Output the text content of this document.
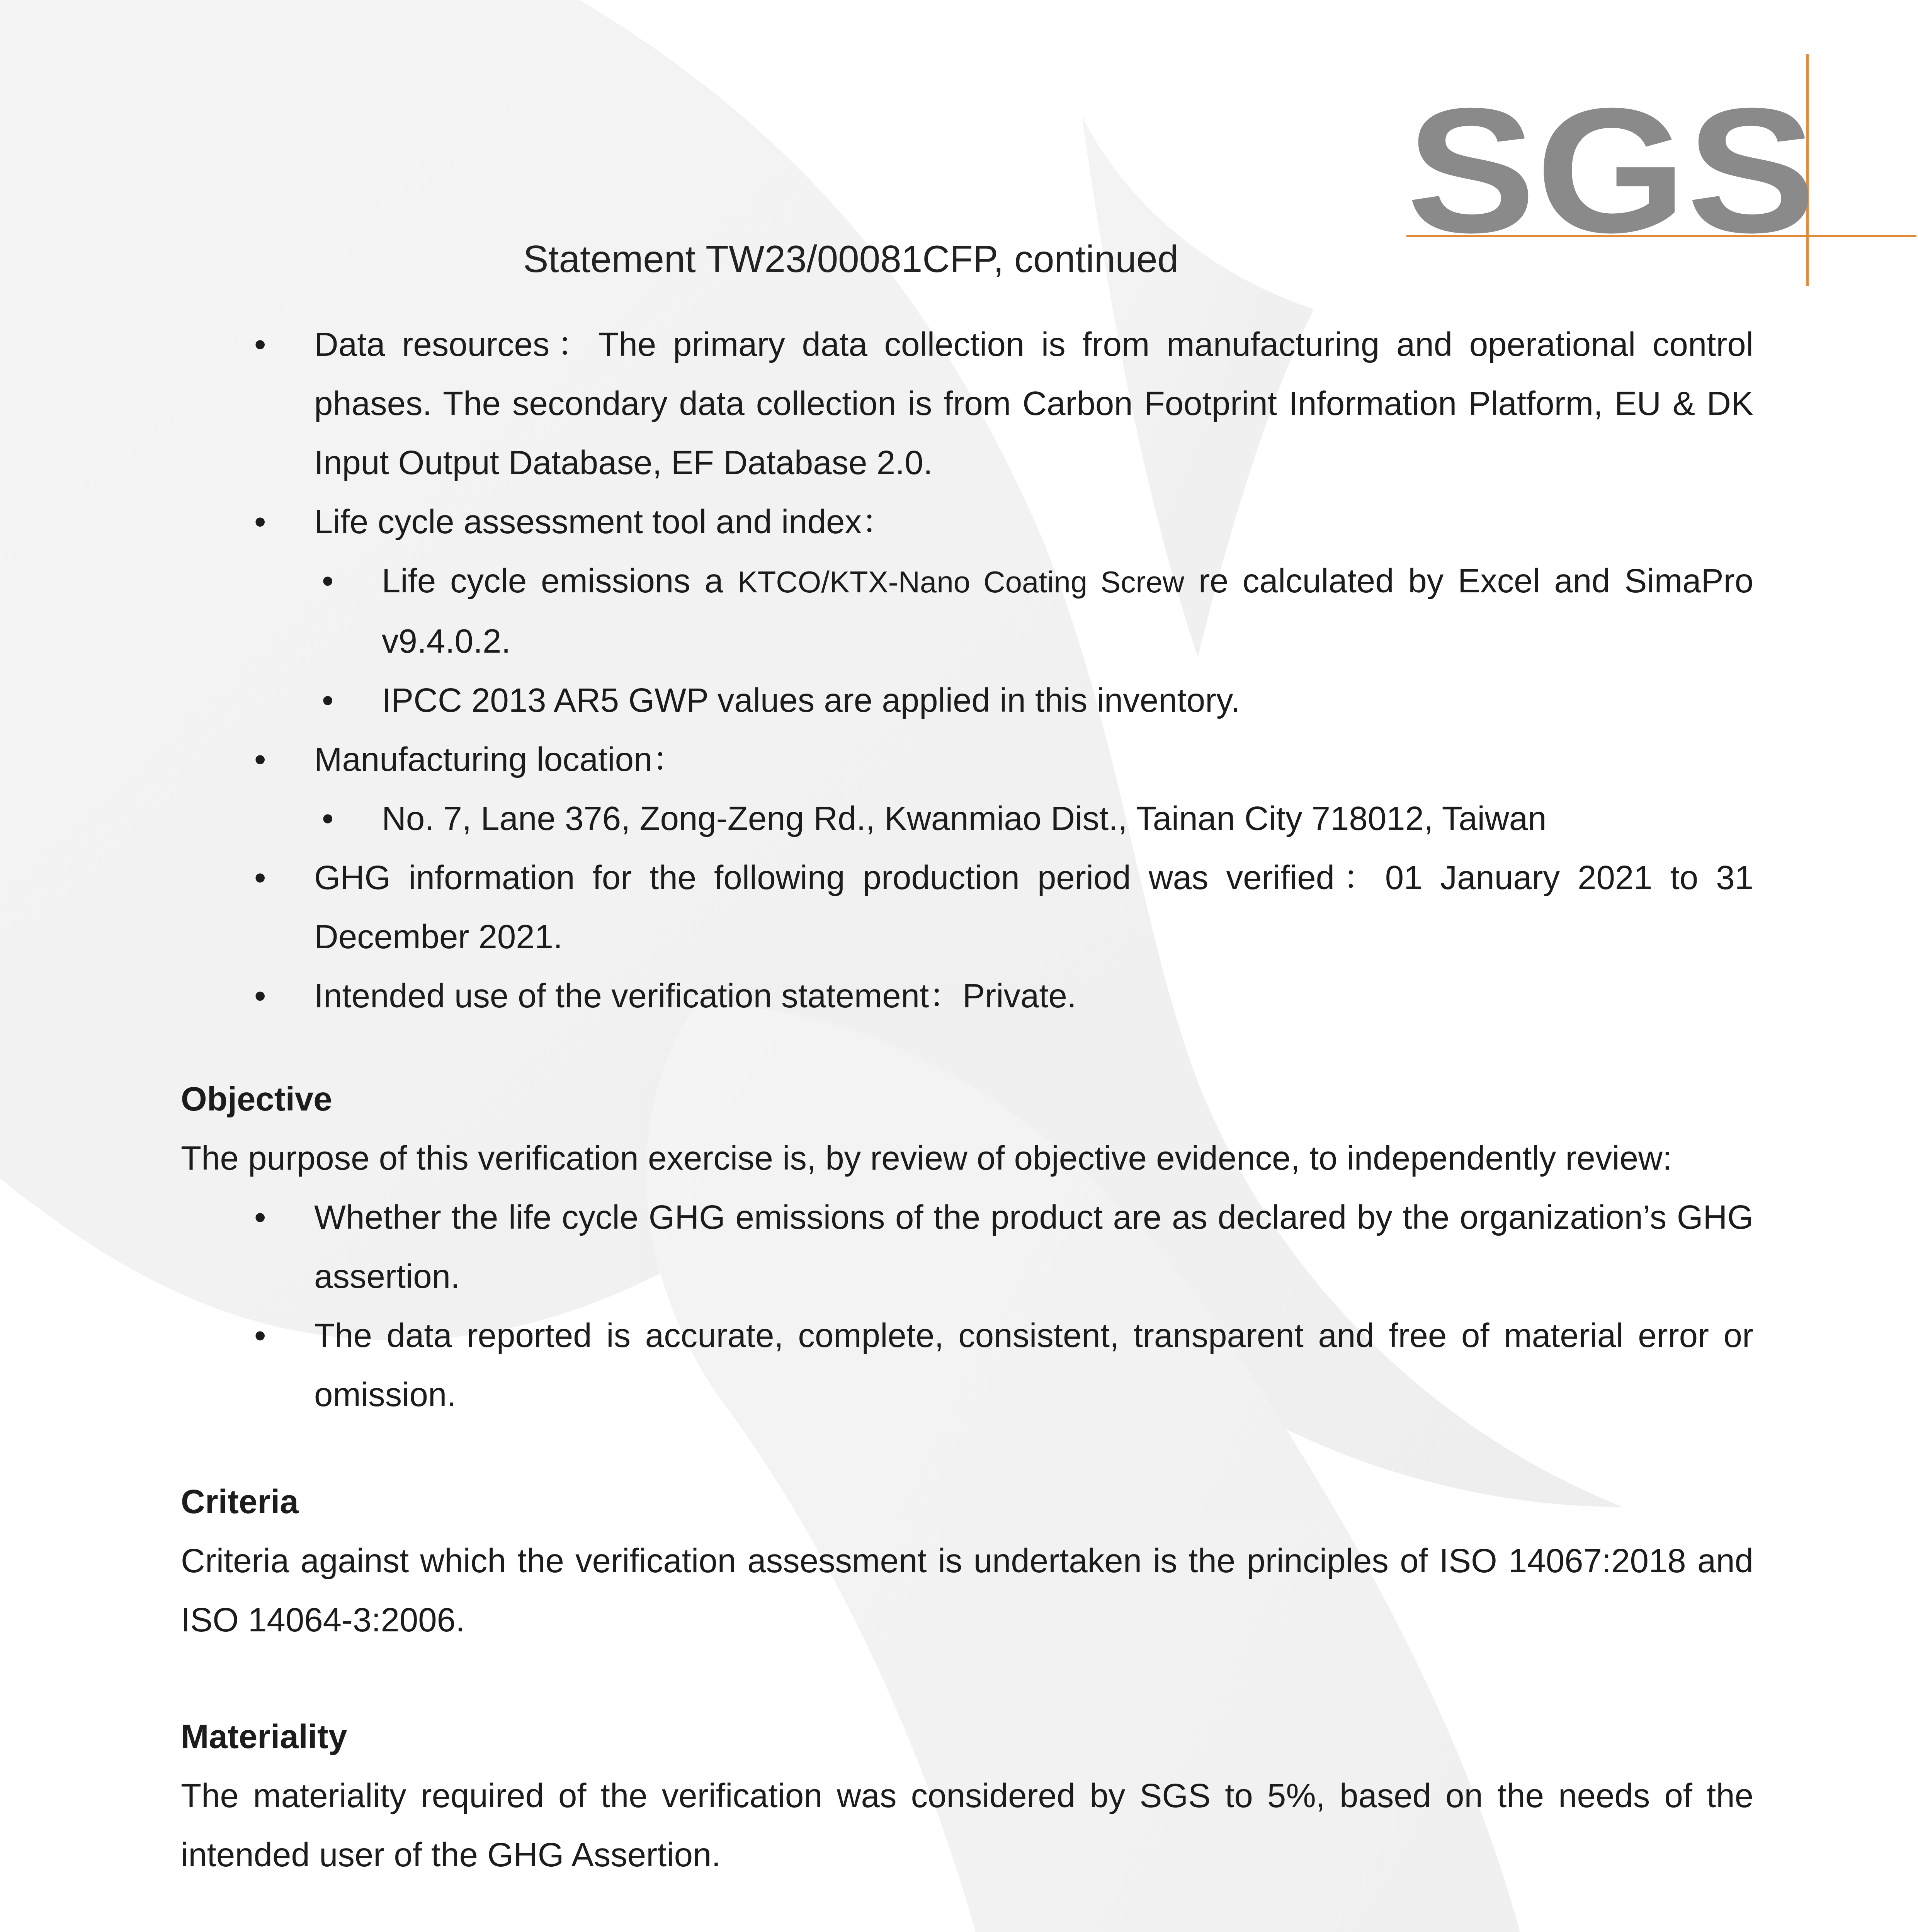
SGS
Statement TW23/00081CFP, continued
• Data resources：The primary data collection is from manufacturing and operational control phases. The secondary data collection is from Carbon Footprint Information Platform, EU & DK Input Output Database, EF Database 2.0.
• Life cycle assessment tool and index：
• Life cycle emissions a KTCO/KTX-Nano Coating Screw re calculated by Excel and SimaPro v9.4.0.2.
• IPCC 2013 AR5 GWP values are applied in this inventory.
• Manufacturing location：
• No. 7, Lane 376, Zong-Zeng Rd., Kwanmiao Dist., Tainan City 718012, Taiwan
• GHG information for the following production period was verified：01 January 2021 to 31 December 2021.
• Intended use of the verification statement：Private.
Objective
The purpose of this verification exercise is, by review of objective evidence, to independently review:
• Whether the life cycle GHG emissions of the product are as declared by the organization’s GHG assertion.
• The data reported is accurate, complete, consistent, transparent and free of material error or omission.
Criteria
Criteria against which the verification assessment is undertaken is the principles of ISO 14067:2018 and ISO 14064-3:2006.
Materiality
The materiality required of the verification was considered by SGS to 5%, based on the needs of the intended user of the GHG Assertion.
